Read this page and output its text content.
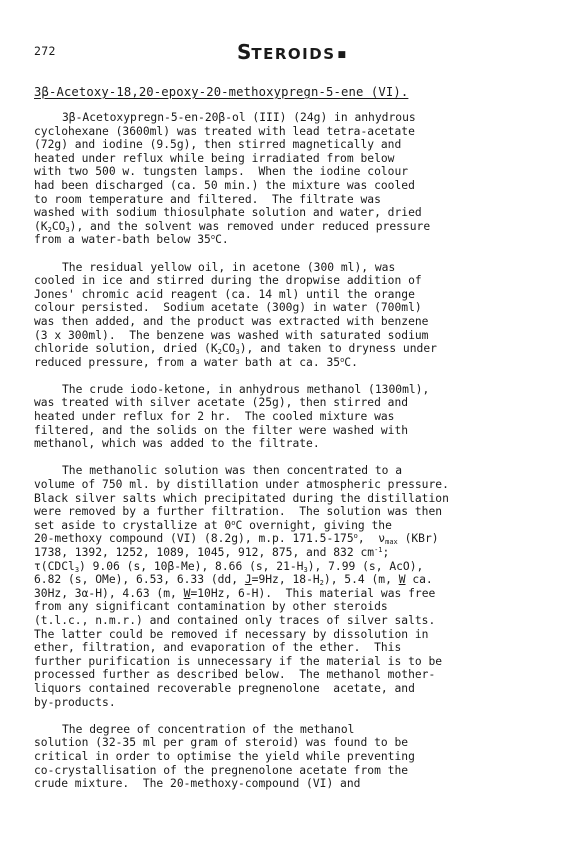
272	STEROIDS ■
3β-Acetoxy-18,20-epoxy-20-methoxypregn-5-ene (VI).
3β-Acetoxypregn-5-en-20β-ol (III) (24g) in anhydrous
cyclohexane (3600ml) was treated with lead tetra-acetate
(72g) and iodine (9.5g), then stirred magnetically and
heated under reflux while being irradiated from below
with two 500 w. tungsten lamps.  When the iodine colour
had been discharged (ca. 50 min.) the mixture was cooled
to room temperature and filtered.  The filtrate was
washed with sodium thiosulphate solution and water, dried
$(K_2CO_3)$, and the solvent was removed under reduced pressure
from a water-bath below 35$^o$C.
The residual yellow oil, in acetone (300 ml), was
cooled in ice and stirred during the dropwise addition of
Jones' chromic acid reagent (ca. 14 ml) until the orange
colour persisted.  Sodium acetate (300g) in water (700ml)
was then added, and the product was extracted with benzene
(3 x 300ml).  The benzene was washed with saturated sodium
chloride solution, dried $(K_2CO_3)$, and taken to dryness under
reduced pressure, from a water bath at ca. 35$^o$C.
The crude iodo-ketone, in anhydrous methanol (1300ml),
was treated with silver acetate (25g), then stirred and
heated under reflux for 2 hr.  The cooled mixture was
filtered, and the solids on the filter were washed with
methanol, which was added to the filtrate.
The methanolic solution was then concentrated to a
volume of 750 ml. by distillation under atmospheric pressure.
Black silver salts which precipitated during the distillation
were removed by a further filtration.  The solution was then
set aside to crystallize at 0$^o$C overnight, giving the
20-methoxy compound (VI) (8.2g), m.p. 171.5-175$^o$,  $\nu_{max}$ (KBr)
1738, 1392, 1252, 1089, 1045, 912, 875, and 832 $cm^{-1}$;
τ(CDCl$_3$) 9.06 (s, 10β-Me), 8.66 (s, $21-H_3$), 7.99 (s, AcO),
6.82 (s, OMe), 6.53, 6.33 (dd, J=9Hz, $18-H_2$), 5.4 (m, W ca.
30Hz, 3α-H), 4.63 (m, W=10Hz, 6-H).  This material was free
from any significant contamination by other steroids
(t.l.c., n.m.r.) and contained only traces of silver salts.
The latter could be removed if necessary by dissolution in
ether, filtration, and evaporation of the ether.  This
further purification is unnecessary if the material is to be
processed further as described below.  The methanol mother-
liquors contained recoverable pregnenolone  acetate, and
by-products.
The degree of concentration of the methanol
solution (32-35 ml per gram of steroid) was found to be
critical in order to optimise the yield while preventing
co-crystallisation of the pregnenolone acetate from the
crude mixture.  The 20-methoxy-compound (VI) and
